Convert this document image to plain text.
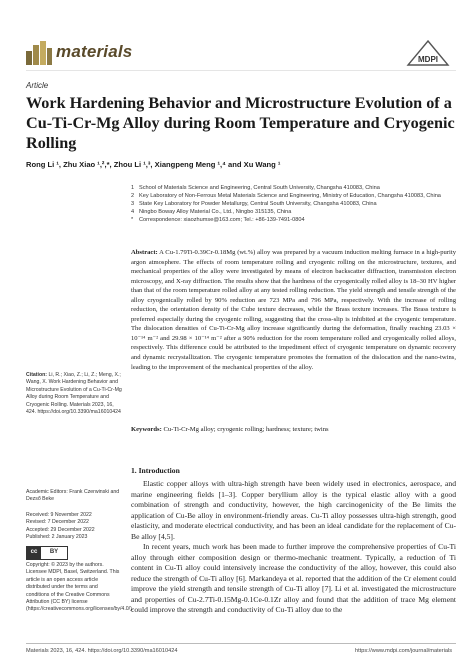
materials	MDPI
Article
Work Hardening Behavior and Microstructure Evolution of a Cu-Ti-Cr-Mg Alloy during Room Temperature and Cryogenic Rolling
Rong Li ¹, Zhu Xiao ¹,²,*, Zhou Li ¹,³, Xiangpeng Meng ¹,⁴ and Xu Wang ¹
1 School of Materials Science and Engineering, Central South University, Changsha 410083, China
2 Key Laboratory of Non-Ferrous Metal Materials Science and Engineering, Ministry of Education, Changsha 410083, China
3 State Key Laboratory for Powder Metallurgy, Central South University, Changsha 410083, China
4 Ningbo Boway Alloy Material Co., Ltd., Ningbo 315135, China
*	Correspondence: xiaozhumse@163.com; Tel.: +86-139-7491-0804
Abstract: A Cu-1.79Ti-0.39Cr-0.18Mg (wt.%) alloy was prepared by a vacuum induction melting furnace in a high-purity argon atmosphere. The effects of room temperature rolling and cryogenic rolling on the microstructure, textures, and mechanical properties of the alloy were investigated by means of electron backscatter diffraction, transmission electron microscopy, and X-ray diffraction. The results show that the hardness of the cryogenically rolled alloy is 18–30 HV higher than that of the room temperature rolled alloy at any tested rolling reduction. The yield strength and tensile strength of the alloy cryogenically rolled by 90% reduction are 723 MPa and 796 MPa, respectively. With the increase of rolling reduction, the orientation density of the Cube texture decreases, while the Brass texture increases. The Brass texture is preferred especially during the cryogenic rolling, suggesting that the cross-slip is inhibited at the cryogenic temperature. The dislocation densities of Cu-Ti-Cr-Mg alloy increase significantly during the deformation, finally reaching 23.03 × 10⁻¹⁴ m⁻² and 29.98 × 10⁻¹⁴ m⁻² after a 90% reduction for the room temperature rolled and cryogenically rolled alloys, respectively. This difference could be attributed to the impediment effect of cryogenic temperature on dynamic recovery and dynamic recrystallization. The cryogenic temperature promotes the formation of the dislocation and the nano-twins, leading to the improvement of the mechanical properties of the alloy.
Keywords: Cu-Ti-Cr-Mg alloy; cryogenic rolling; hardness; texture; twins
Citation: Li, R.; Xiao, Z.; Li, Z.; Meng, X.; Wang, X. Work Hardening Behavior and Microstructure Evolution of a Cu-Ti-Cr-Mg Alloy during Room Temperature and Cryogenic Rolling. Materials 2023, 16, 424. https://doi.org/10.3390/ma16010424
Academic Editors: Frank Czerwinski and Dezső Beke
Received: 9 November 2022
Revised: 7 December 2022
Accepted: 29 December 2022
Published: 2 January 2023
cc	BY
Copyright: © 2023 by the authors. Licensee MDPI, Basel, Switzerland. This article is an open access article distributed under the terms and conditions of the Creative Commons Attribution (CC BY) license (https://creativecommons.org/licenses/by/4.0/).
1. Introduction

Elastic copper alloys with ultra-high strength have been widely used in electronics, aerospace, and marine engineering fields [1–3]. Copper beryllium alloy is the typical elastic alloy with a good combination of strength and conductivity, however, the high carcinogenicity of the Be limits the application of Cu-Be alloy in environment-friendly areas. Cu-Ti alloy possesses ultra-high strength, good elasticity, and moderate electrical conductivity, and has been an ideal candidate for the replacement of Cu-Be alloy [4,5].

In recent years, much work has been made to further improve the comprehensive properties of Cu-Ti alloy through either composition design or thermo-mechanic treatment. Typically, a reduction of Ti content in Cu-Ti alloy could intensively increase the conductivity of the alloy, however, this could also reduce the strength of Cu-Ti alloy [6]. Markandeya et al. reported that the addition of the Cr element could improve the yield strength and tensile strength of Cu-Ti alloy [7]. Li et al. investigated the microstructure and properties of Cu-2.7Ti-0.15Mg-0.1Ce-0.1Zr alloy and found that the addition of trace Mg element could improve the strength and conductivity of Cu-Ti alloy due to the

Materials 2023, 16, 424. https://doi.org/10.3390/ma16010424	https://www.mdpi.com/journal/materials
